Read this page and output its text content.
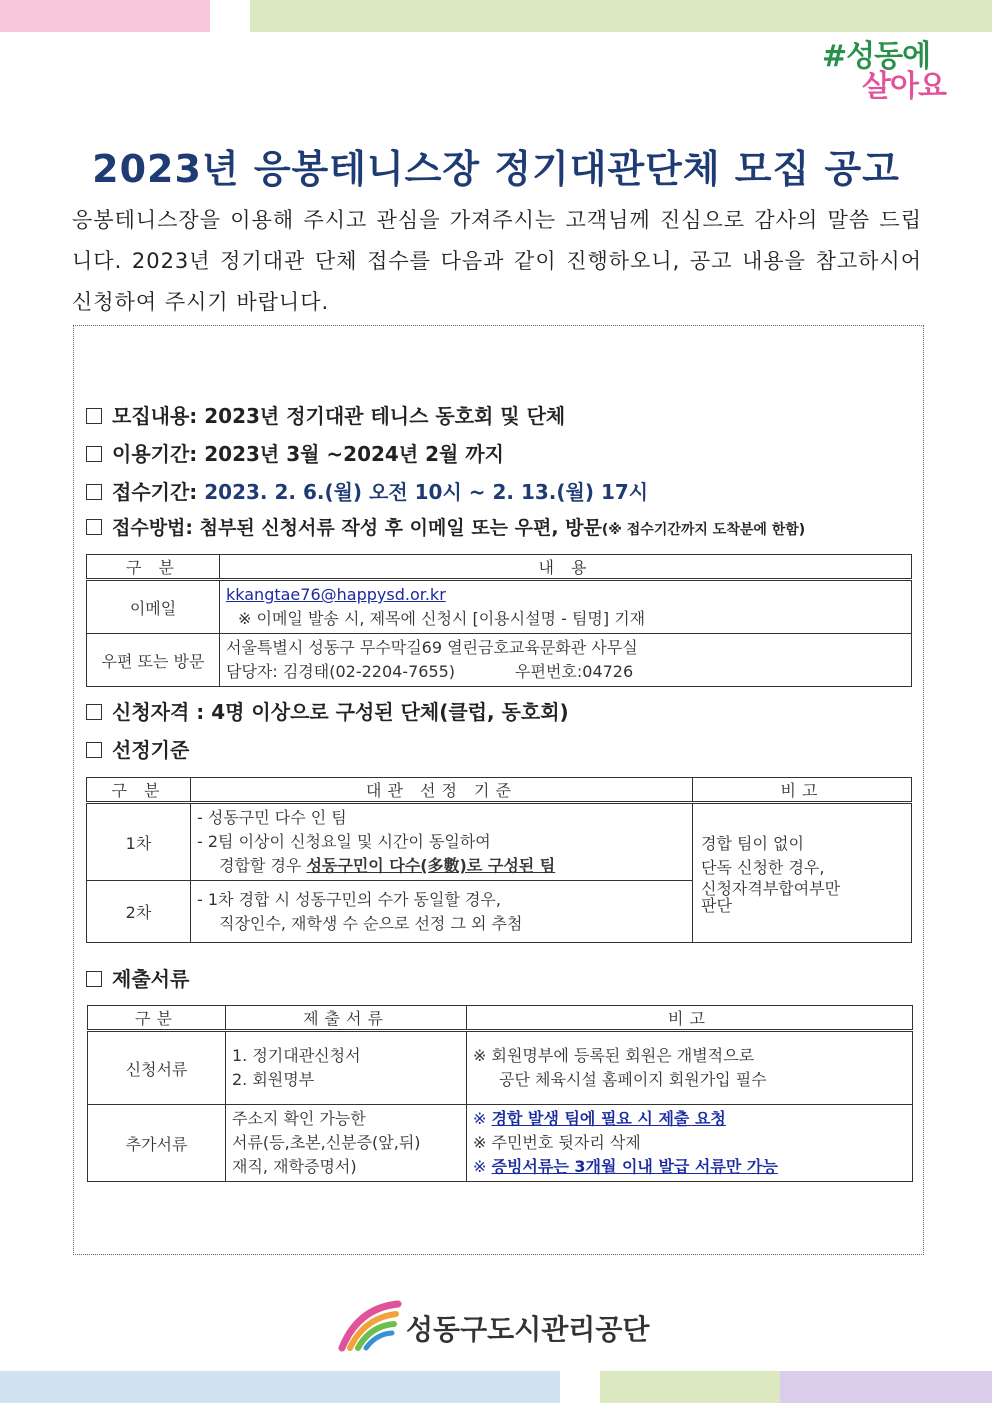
#성동에
살아요
2023년 응봉테니스장 정기대관단체 모집 공고
응봉테니스장을 이용해 주시고 관심을 가져주시는 고객님께 진심으로 감사의 말씀 드립니다. 2023년 정기대관 단체 접수를 다음과 같이 진행하오니, 공고 내용을 참고하시어 신청하여 주시기 바랍니다.
모집내용: 2023년 정기대관 테니스 동호회 및 단체
이용기간: 2023년 3월 ~2024년 2월 까지
접수기간: 2023. 2. 6.(월) 오전 10시 ~ 2. 13.(월) 17시
접수방법: 첨부된 신청서류 작성 후 이메일 또는 우편, 방문(※ 접수기간까지 도착분에 한함)
구 분	내 용
이메일	kkangtae76@happysd.or.kr
※ 이메일 발송 시, 제목에 신청시 [이용시설명 - 팀명] 기재

우편 또는 방문	서울특별시 성동구 무수막길69 열린금호교육문화관 사무실
담당자: 김경태(02-2204-7655) 우편번호:04726
신청자격 : 4명 이상으로 구성된 단체(클럽, 동호회)
선정기준
구 분	대관 선정 기준	비고
1차	- 성동구민 다수 인 팀
- 2팀 이상이 신청요일 및 시간이 동일하여
경합할 경우 성동구민이 다수(多數)로 구성된 팀	경합 팀이 없이
단독 신청한 경우,
신청자격부합여부만
판단

2차	- 1차 경합 시 성동구민의 수가 동일할 경우,
직장인수, 재학생 수 순으로 선정 그 외 추첨	
제출서류
구분	제출서류	비고
신청서류	1. 정기대관신청서
2. 회원명부	※ 회원명부에 등록된 회원은 개별적으로
공단 체육시설 홈페이지 회원가입 필수

추가서류	주소지 확인 가능한
서류(등,초본,신분증(앞,뒤)
재직, 재학증명서)	※ 경합 발생 팀에 필요 시 제출 요청
※ 주민번호 뒷자리 삭제
※ 증빙서류는 3개월 이내 발급 서류만 가능
성동구도시관리공단
